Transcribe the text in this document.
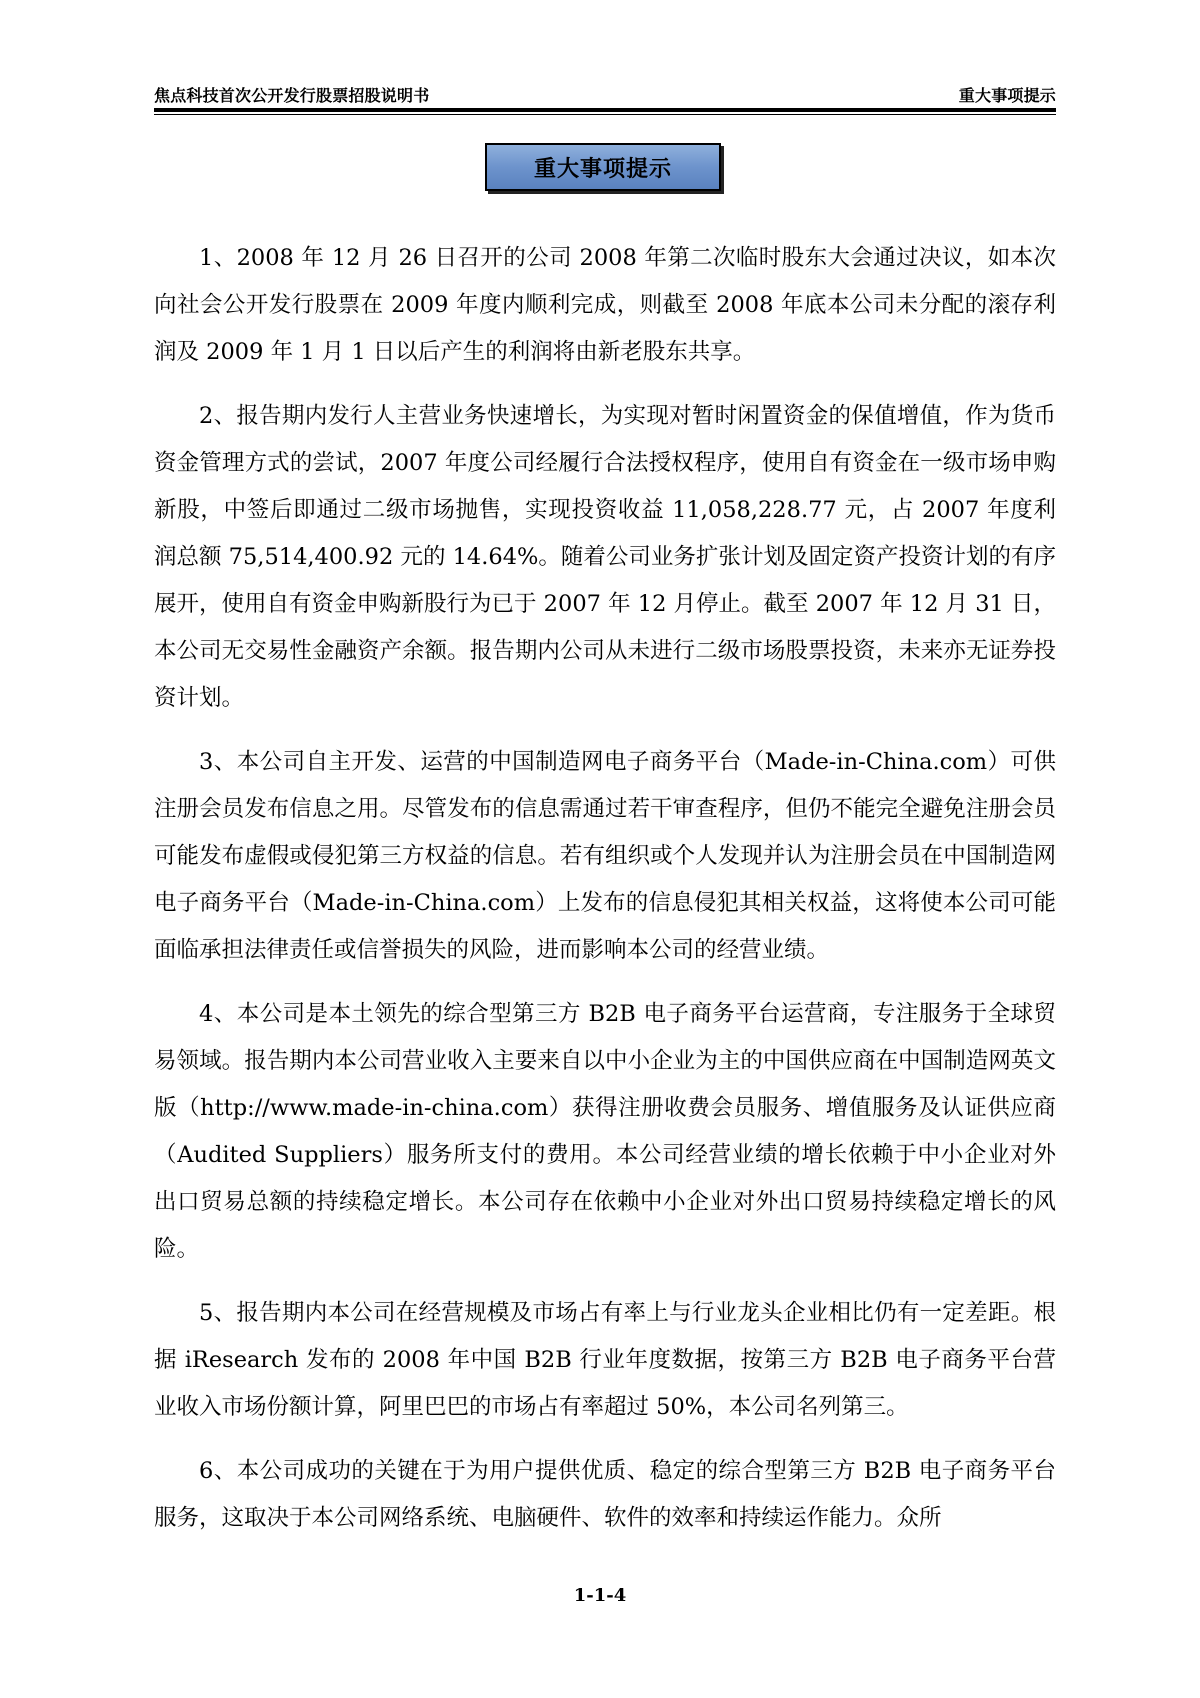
焦点科技首次公开发行股票招股说明书	重大事项提示
重大事项提示

1、2008 年 12 月 26 日召开的公司 2008 年第二次临时股东大会通过决议，如本次向社会公开发行股票在 2009 年度内顺利完成，则截至 2008 年底本公司未分配的滚存利润及 2009 年 1 月 1 日以后产生的利润将由新老股东共享。

2、报告期内发行人主营业务快速增长，为实现对暂时闲置资金的保值增值，作为货币资金管理方式的尝试，2007 年度公司经履行合法授权程序，使用自有资金在一级市场申购新股，中签后即通过二级市场抛售，实现投资收益 11,058,228.77 元，占 2007 年度利润总额 75,514,400.92 元的 14.64%。随着公司业务扩张计划及固定资产投资计划的有序展开，使用自有资金申购新股行为已于 2007 年 12 月停止。截至 2007 年 12 月 31 日，本公司无交易性金融资产余额。报告期内公司从未进行二级市场股票投资，未来亦无证券投资计划。

3、本公司自主开发、运营的中国制造网电子商务平台（Made-in-China.com）可供注册会员发布信息之用。尽管发布的信息需通过若干审查程序，但仍不能完全避免注册会员可能发布虚假或侵犯第三方权益的信息。若有组织或个人发现并认为注册会员在中国制造网电子商务平台（Made-in-China.com）上发布的信息侵犯其相关权益，这将使本公司可能面临承担法律责任或信誉损失的风险，进而影响本公司的经营业绩。

4、本公司是本土领先的综合型第三方 B2B 电子商务平台运营商，专注服务于全球贸易领域。报告期内本公司营业收入主要来自以中小企业为主的中国供应商在中国制造网英文版（http://www.made-in-china.com）获得注册收费会员服务、增值服务及认证供应商（Audited Suppliers）服务所支付的费用。本公司经营业绩的增长依赖于中小企业对外出口贸易总额的持续稳定增长。本公司存在依赖中小企业对外出口贸易持续稳定增长的风险。

5、报告期内本公司在经营规模及市场占有率上与行业龙头企业相比仍有一定差距。根据 iResearch 发布的 2008 年中国 B2B 行业年度数据，按第三方 B2B 电子商务平台营业收入市场份额计算，阿里巴巴的市场占有率超过 50%，本公司名列第三。

6、本公司成功的关键在于为用户提供优质、稳定的综合型第三方 B2B 电子商务平台服务，这取决于本公司网络系统、电脑硬件、软件的效率和持续运作能力。众所

1-1-4
